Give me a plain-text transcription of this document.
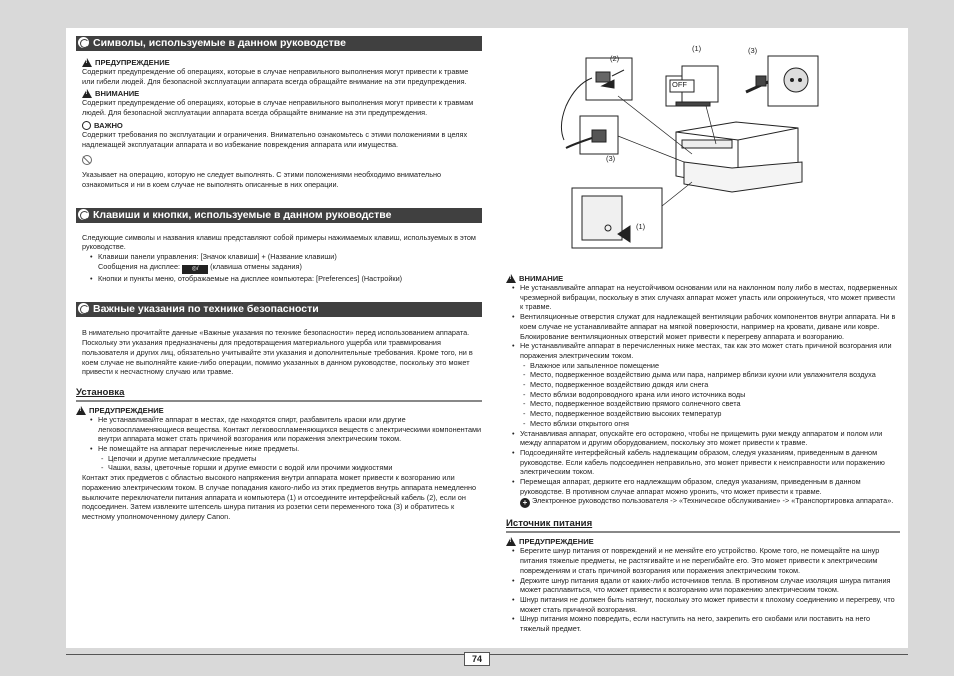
Символы, используемые в данном руководстве
!
ПРЕДУПРЕЖДЕНИЕ

Содержит предупреждение об операциях, которые в случае неправильного выполнения могут привести к травме или гибели людей. Для безопасной эксплуатации аппарата всегда обращайте внимание на эти предупреждения.

!
ВНИМАНИЕ

Содержит предупреждение об операциях, которые в случае неправильного выполнения могут привести к травмам людей. Для безопасной эксплуатации аппарата всегда обращайте внимание на эти предупреждения.

ВАЖНО

Содержит требования по эксплуатации и ограничения. Внимательно ознакомьтесь с этими положениями в целях надлежащей эксплуатации аппарата и во избежание повреждения аппарата или имущества.

Указывает на операцию, которую не следует выполнять. С этими положениями необходимо внимательно ознакомиться и ни в коем случае не выполнять описанные в них операции.

Клавиши и кнопки, используемые в данном руководстве

Следующие символы и названия клавиш представляют собой примеры нажимаемых клавиш, используемых в этом руководстве.

• Клавиши панели управления: [Значок клавиши] + (Название клавиши)
Сообщения на дисплее: ◎/ (клавиша отмены задания)
• Кнопки и пункты меню, отображаемые на дисплее компьютера: [Preferences] (Настройки)
Важные указания по технике безопасности

В нимательно прочитайте данные «Важные указания по технике безопасности» перед использованием аппарата.

Поскольку эти указания предназначены для предотвращения материального ущерба или травмирования пользователя и других лиц, обязательно учитывайте эти указания и дополнительные требования. Кроме того, ни в коем случае не выполняйте какие-либо операции, помимо указанных в данном руководстве, поскольку это может привести к несчастному случаю или травме.

Установка
!
ПРЕДУПРЕЖДЕНИЕ
• Не устанавливайте аппарат в местах, где находятся спирт, разбавитель краски или другие легковоспламеняющиеся вещества. Контакт легковоспламеняющихся веществ с электрическими компонентами внутри аппарата может стать причиной возгорания или поражения электрическим током.
• Не помещайте на аппарат перечисленные ниже предметы.
- Цепочки и другие металлические предметы
- Чашки, вазы, цветочные горшки и другие емкости с водой или прочими жидкостями

Контакт этих предметов с областью высокого напряжения внутри аппарата может привести к возгоранию или поражению электрическим током. В случае попадания какого-либо из этих предметов внутрь аппарата немедленно выключите переключатели питания аппарата и компьютера (1) и отсоедините интерфейсный кабель (2), если он подсоединен. Затем извлеките штепсель шнура питания из розетки сети переменного тока (3) и обратитесь к местному уполномоченному дилеру Canon.

(1)
(2)
(3)
(3)
(1)
OFF
!
ВНИМАНИЕ
• Не устанавливайте аппарат на неустойчивом основании или на наклонном полу либо в местах, подверженных чрезмерной вибрации, поскольку в этих случаях аппарат может упасть или опрокинуться, что может привести к травме.
• Вентиляционные отверстия служат для надлежащей вентиляции рабочих компонентов внутри аппарата. Ни в коем случае не устанавливайте аппарат на мягкой поверхности, например на кровати, диване или ковре. Блокирование вентиляционных отверстий может привести к перегреву аппарата и возгоранию.
• Не устанавливайте аппарат в перечисленных ниже местах, так как это может стать причиной возгорания или поражения электрическим током.
- Влажное или запыленное помещение
- Место, подверженное воздействию дыма или пара, например вблизи кухни или увлажнителя воздуха
- Место, подверженное воздействию дождя или снега
- Место вблизи водопроводного крана или иного источника воды
- Место, подверженное воздействию прямого солнечного света
- Место, подверженное воздействию высоких температур
- Место вблизи открытого огня
• Устанавливая аппарат, опускайте его осторожно, чтобы не прищемить руки между аппаратом и полом или между аппаратом и другим оборудованием, поскольку это может привести к травме.
• Подсоединяйте интерфейсный кабель надлежащим образом, следуя указаниям, приведенным в данном руководстве. Если кабель подсоединен неправильно, это может привести к неисправности или поражению электрическим током.
• Перемещая аппарат, держите его надлежащим образом, следуя указаниям, приведенным в данном руководстве. В противном случае аппарат можно уронить, что может привести к травме.
+ Электронное руководство пользователя -> «Техническое обслуживание» -> «Транспортировка аппарата».
Источник питания
!
ПРЕДУПРЕЖДЕНИЕ
• Берегите шнур питания от повреждений и не меняйте его устройство. Кроме того, не помещайте на шнур питания тяжелые предметы, не растягивайте и не перегибайте его. Это может привести к электрическим повреждениям и стать причиной возгорания или поражения электрическим током.
• Держите шнур питания вдали от каких-либо источников тепла. В противном случае изоляция шнура питания может расплавиться, что может привести к возгоранию или поражению электрическим током.
• Шнур питания не должен быть натянут, поскольку это может привести к плохому соединению и перегреву, что может стать причиной возгорания.
• Шнур питания можно повредить, если наступить на него, закрепить его скобами или поставить на него тяжелый предмет.
74
